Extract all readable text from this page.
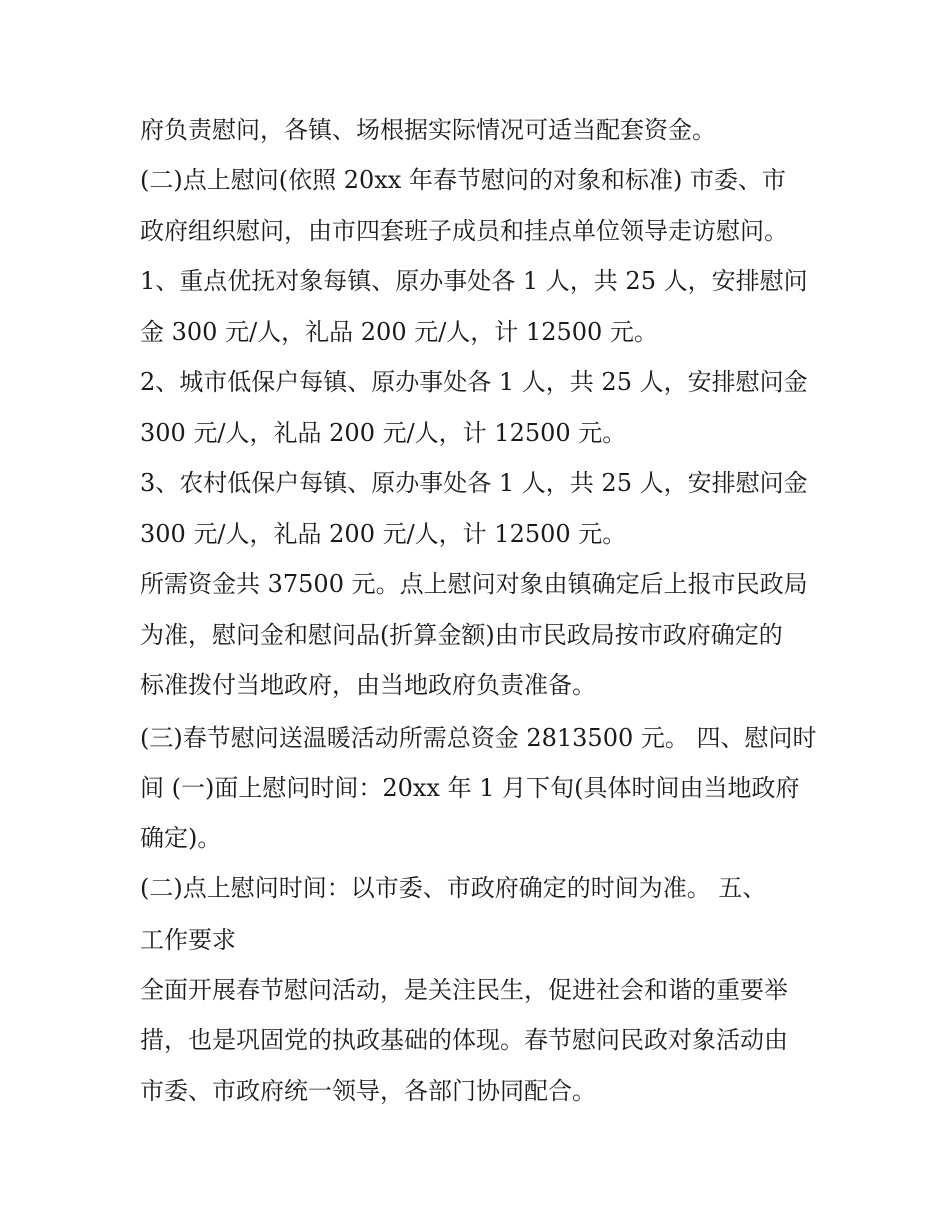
府负责慰问，各镇、场根据实际情况可适当配套资金。
(二)点上慰问(依照 20xx 年春节慰问的对象和标准) 市委、市
政府组织慰问，由市四套班子成员和挂点单位领导走访慰问。
1、重点优抚对象每镇、原办事处各 1 人，共 25 人，安排慰问
金 300 元/人，礼品 200 元/人，计 12500 元。
2、城市低保户每镇、原办事处各 1 人，共 25 人，安排慰问金
300 元/人，礼品 200 元/人，计 12500 元。
3、农村低保户每镇、原办事处各 1 人，共 25 人，安排慰问金
300 元/人，礼品 200 元/人，计 12500 元。
所需资金共 37500 元。点上慰问对象由镇确定后上报市民政局
为准，慰问金和慰问品(折算金额)由市民政局按市政府确定的
标准拨付当地政府，由当地政府负责准备。
(三)春节慰问送温暖活动所需总资金 2813500 元。 四、慰问时
间 (一)面上慰问时间：20xx 年 1 月下旬(具体时间由当地政府
确定)。
(二)点上慰问时间：以市委、市政府确定的时间为准。 五、
工作要求
全面开展春节慰问活动，是关注民生，促进社会和谐的重要举
措，也是巩固党的执政基础的体现。春节慰问民政对象活动由
市委、市政府统一领导，各部门协同配合。
